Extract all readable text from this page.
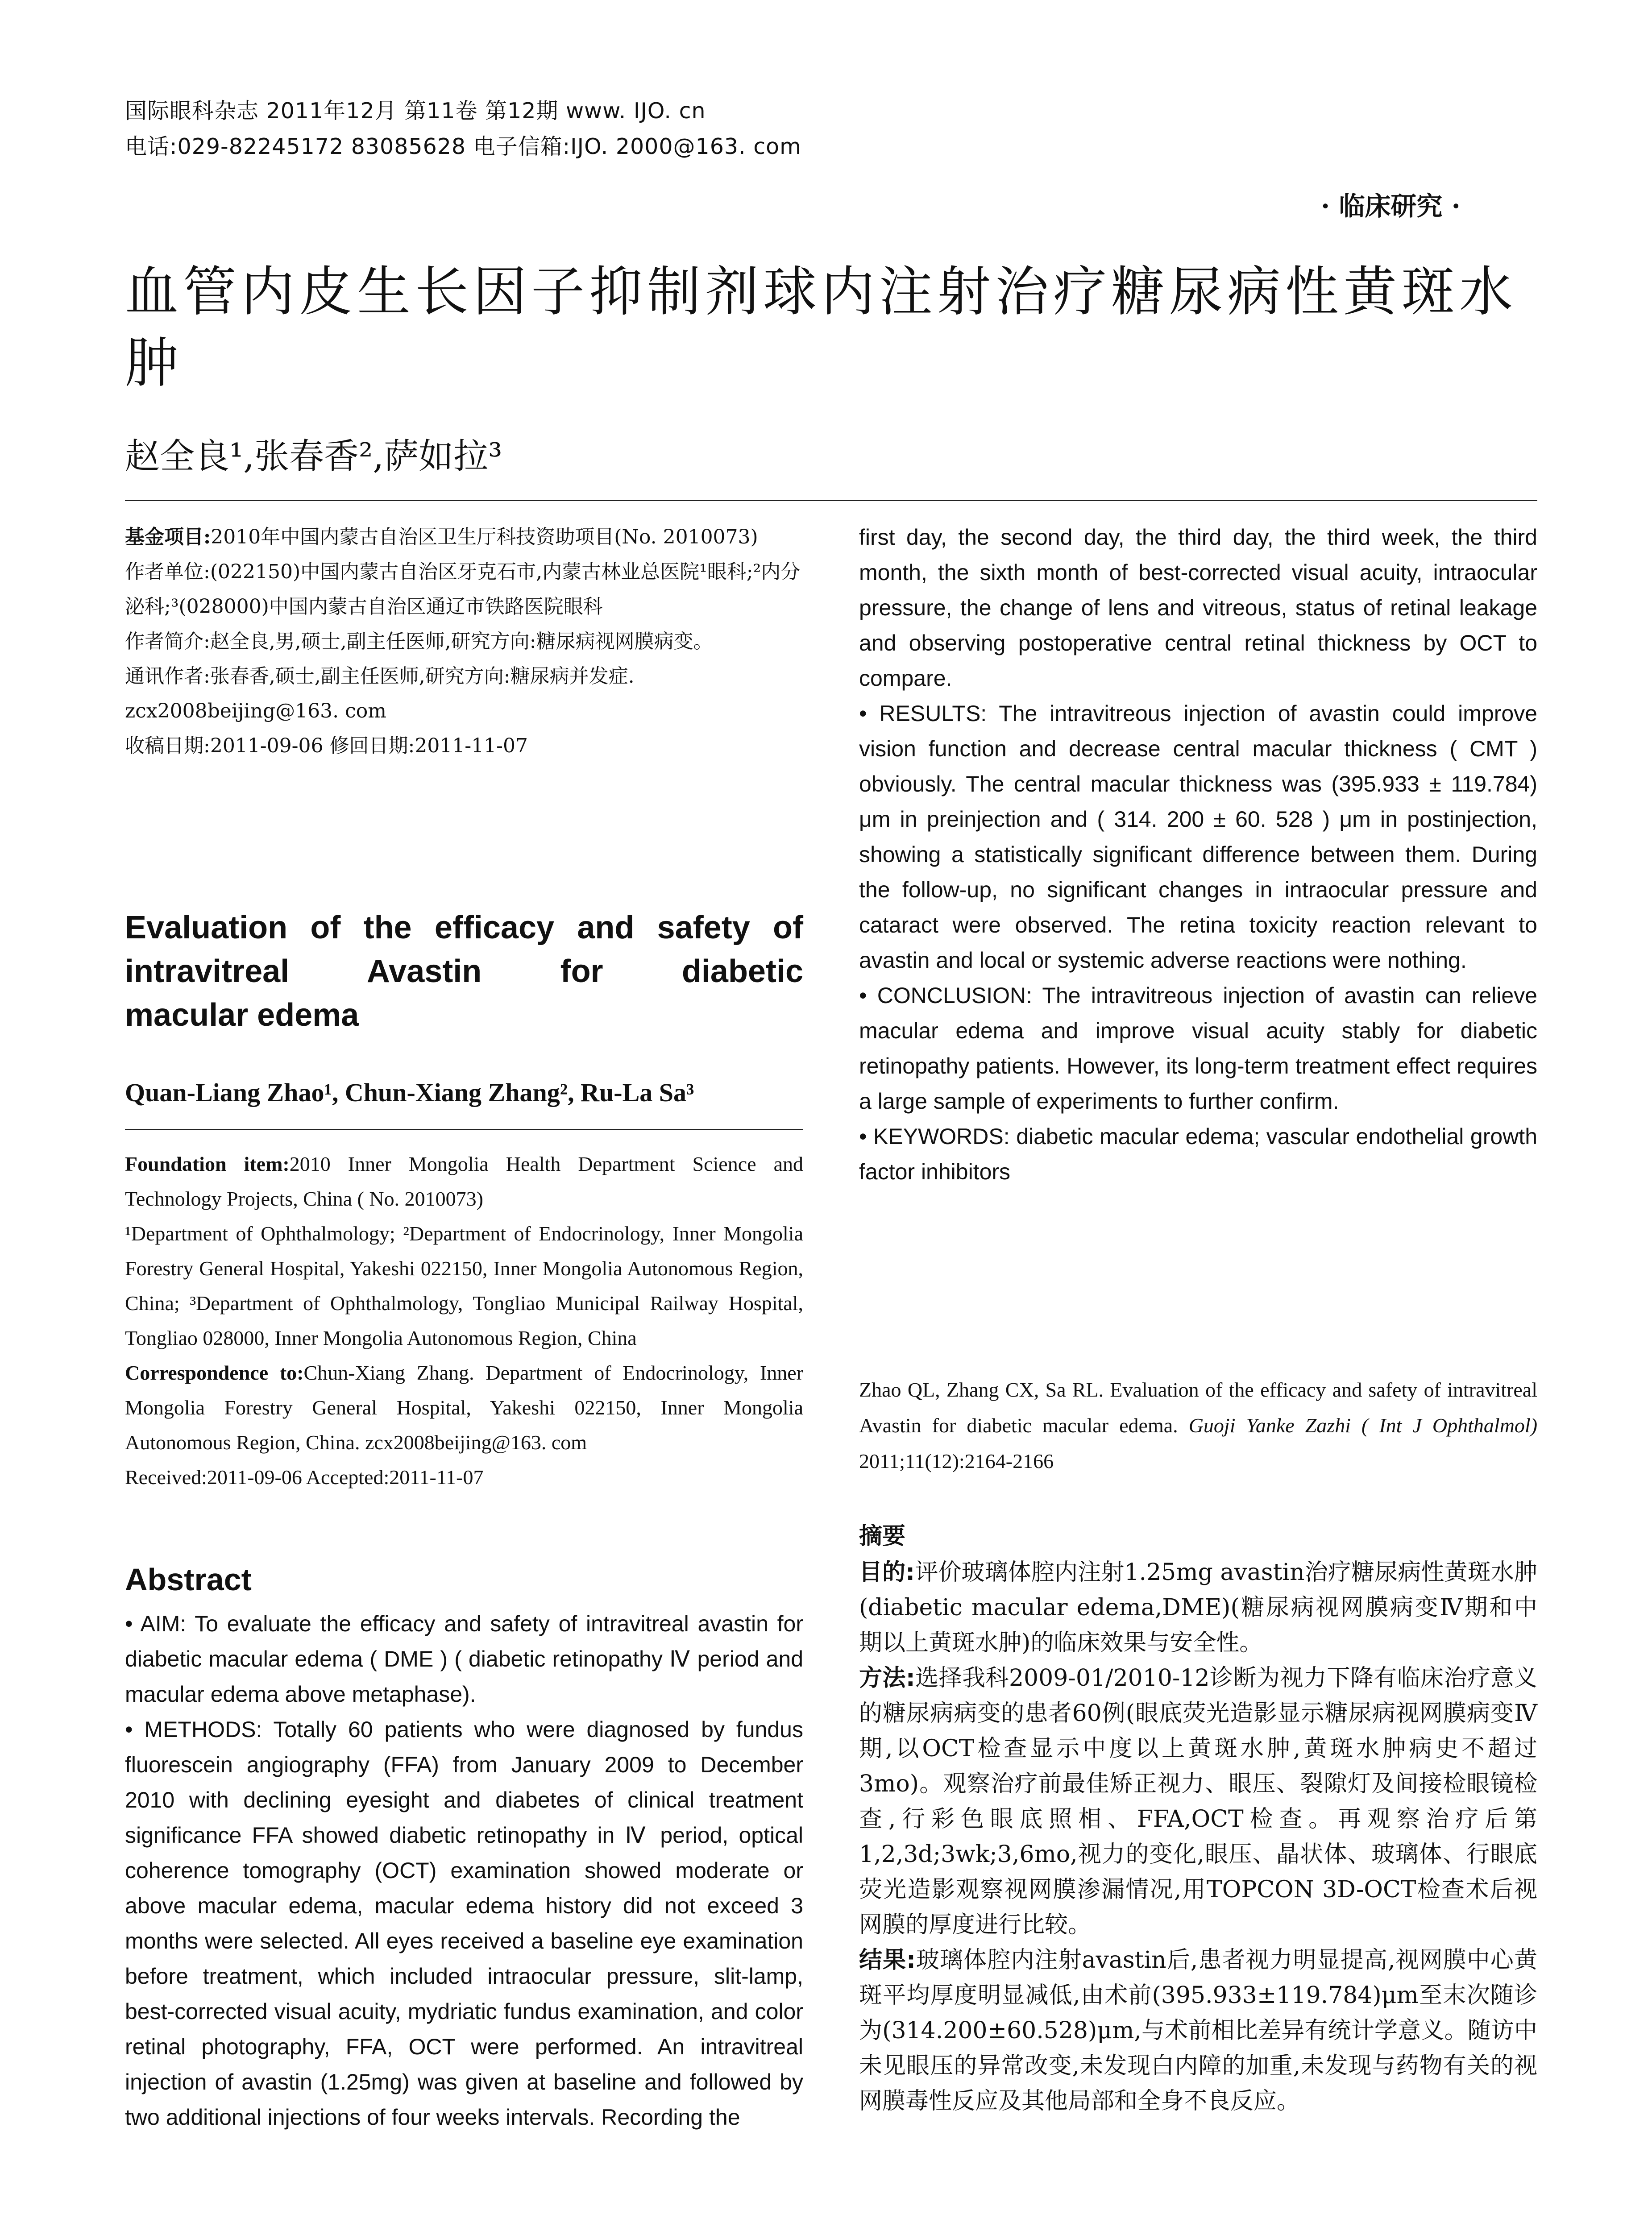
国际眼科杂志 2011年12月 第11卷 第12期 www. IJO. cn
电话:029-82245172 83085628 电子信箱:IJO. 2000@163. com
· 临床研究 ·
血管内皮生长因子抑制剂球内注射治疗糖尿病性黄斑水肿
赵全良¹,张春香²,萨如拉³

基金项目:2010年中国内蒙古自治区卫生厅科技资助项目(No. 2010073)

作者单位:(022150)中国内蒙古自治区牙克石市,内蒙古林业总医院¹眼科;²内分泌科;³(028000)中国内蒙古自治区通辽市铁路医院眼科

作者简介:赵全良,男,硕士,副主任医师,研究方向:糖尿病视网膜病变。

通讯作者:张春香,硕士,副主任医师,研究方向:糖尿病并发症. zcx2008beijing@163. com

收稿日期:2011-09-06 修回日期:2011-11-07

Evaluation of the efficacy and safety of
intravitreal Avastin for diabetic
macular edema
Quan-Liang Zhao¹, Chun-Xiang Zhang², Ru-La Sa³

Foundation item:2010 Inner Mongolia Health Department Science and Technology Projects, China ( No. 2010073)

¹Department of Ophthalmology; ²Department of Endocrinology, Inner Mongolia Forestry General Hospital, Yakeshi 022150, Inner Mongolia Autonomous Region, China; ³Department of Ophthalmology, Tongliao Municipal Railway Hospital, Tongliao 028000, Inner Mongolia Autonomous Region, China

Correspondence to:Chun-Xiang Zhang. Department of Endocrinology, Inner Mongolia Forestry General Hospital, Yakeshi 022150, Inner Mongolia Autonomous Region, China. zcx2008beijing@163. com

Received:2011-09-06 Accepted:2011-11-07

Abstract

• AIM: To evaluate the efficacy and safety of intravitreal avastin for diabetic macular edema ( DME ) ( diabetic retinopathy Ⅳ period and macular edema above metaphase).

• METHODS: Totally 60 patients who were diagnosed by fundus fluorescein angiography (FFA) from January 2009 to December 2010 with declining eyesight and diabetes of clinical treatment significance FFA showed diabetic retinopathy in Ⅳ period, optical coherence tomography (OCT) examination showed moderate or above macular edema, macular edema history did not exceed 3 months were selected. All eyes received a baseline eye examination before treatment, which included intraocular pressure, slit-lamp, best-corrected visual acuity, mydriatic fundus examination, and color retinal photography, FFA, OCT were performed. An intravitreal injection of avastin (1.25mg) was given at baseline and followed by two additional injections of four weeks intervals. Recording the

first day, the second day, the third day, the third week, the third month, the sixth month of best-corrected visual acuity, intraocular pressure, the change of lens and vitreous, status of retinal leakage and observing postoperative central retinal thickness by OCT to compare.

• RESULTS: The intravitreous injection of avastin could improve vision function and decrease central macular thickness ( CMT ) obviously. The central macular thickness was (395.933 ± 119.784) μm in preinjection and ( 314. 200 ± 60. 528 ) μm in postinjection, showing a statistically significant difference between them. During the follow-up, no significant changes in intraocular pressure and cataract were observed. The retina toxicity reaction relevant to avastin and local or systemic adverse reactions were nothing.

• CONCLUSION: The intravitreous injection of avastin can relieve macular edema and improve visual acuity stably for diabetic retinopathy patients. However, its long-term treatment effect requires a large sample of experiments to further confirm.

• KEYWORDS: diabetic macular edema; vascular endothelial growth factor inhibitors

Zhao QL, Zhang CX, Sa RL. Evaluation of the efficacy and safety of intravitreal Avastin for diabetic macular edema. Guoji Yanke Zazhi ( Int J Ophthalmol) 2011;11(12):2164-2166
摘要

目的:评价玻璃体腔内注射1.25mg avastin治疗糖尿病性黄斑水肿(diabetic macular edema,DME)(糖尿病视网膜病变Ⅳ期和中期以上黄斑水肿)的临床效果与安全性。

方法:选择我科2009-01/2010-12诊断为视力下降有临床治疗意义的糖尿病病变的患者60例(眼底荧光造影显示糖尿病视网膜病变Ⅳ期,以OCT检查显示中度以上黄斑水肿,黄斑水肿病史不超过3mo)。观察治疗前最佳矫正视力、眼压、裂隙灯及间接检眼镜检查,行彩色眼底照相、FFA,OCT检查。再观察治疗后第1,2,3d;3wk;3,6mo,视力的变化,眼压、晶状体、玻璃体、行眼底荧光造影观察视网膜渗漏情况,用TOPCON 3D-OCT检查术后视网膜的厚度进行比较。

结果:玻璃体腔内注射avastin后,患者视力明显提高,视网膜中心黄斑平均厚度明显减低,由术前(395.933±119.784)μm至末次随诊为(314.200±60.528)μm,与术前相比差异有统计学意义。随访中未见眼压的异常改变,未发现白内障的加重,未发现与药物有关的视网膜毒性反应及其他局部和全身不良反应。
